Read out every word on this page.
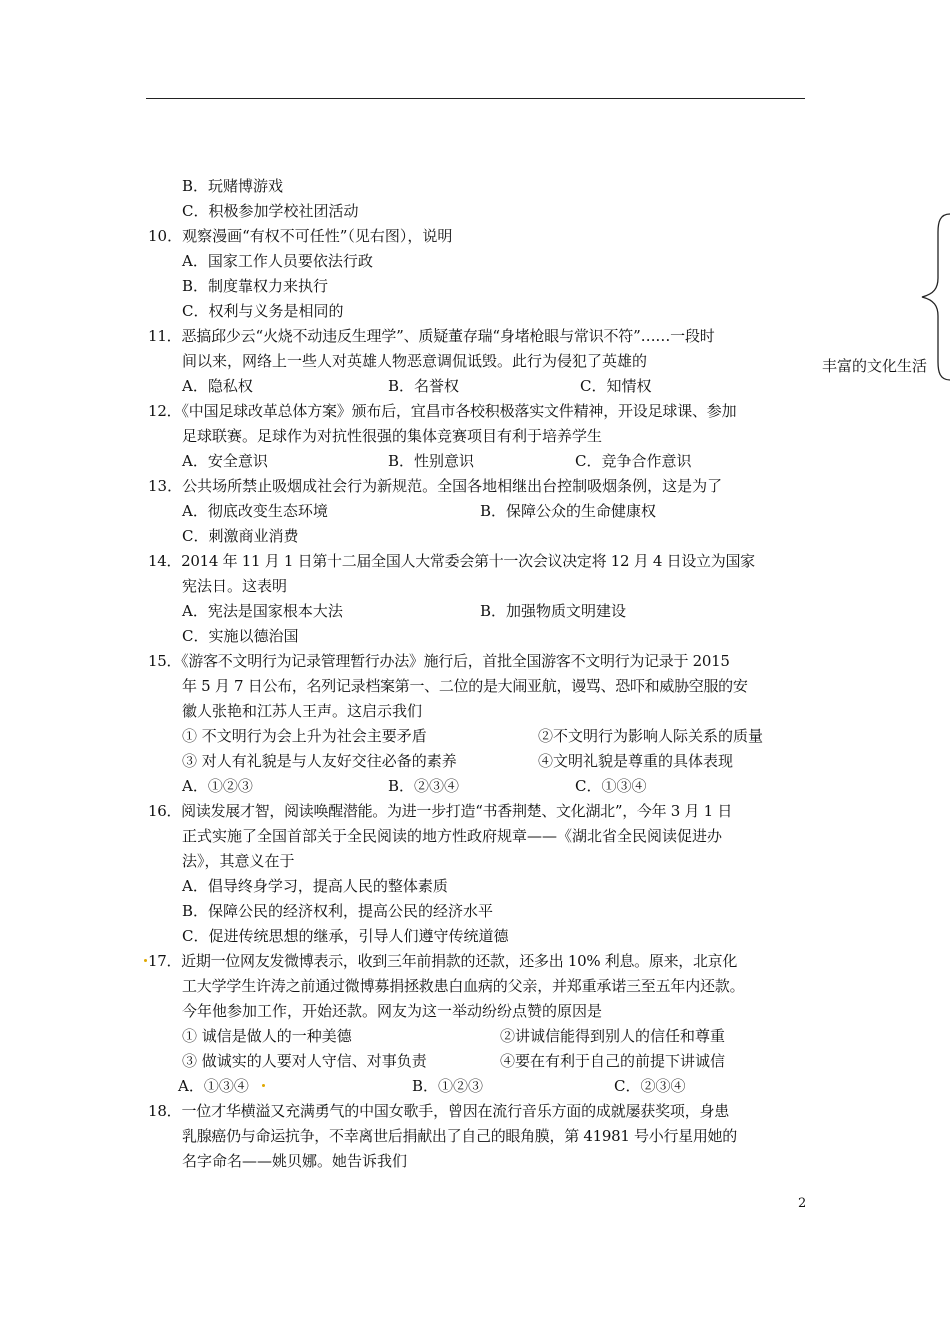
B．玩赌博游戏
C．积极参加学校社团活动
10．观察漫画“有权不可任性”（见右图），说明
A．国家工作人员要依法行政
B．制度靠权力来执行
C．权利与义务是相同的
11．恶搞邱少云“火烧不动违反生理学”、质疑董存瑞“身堵枪眼与常识不符”……一段时
间以来，网络上一些人对英雄人物恶意调侃诋毁。此行为侵犯了英雄的
A．隐私权	B．名誉权	C．知情权
12．《中国足球改革总体方案》颁布后，宜昌市各校积极落实文件精神，开设足球课、参加
足球联赛。足球作为对抗性很强的集体竞赛项目有利于培养学生
A．安全意识	B．性别意识	C．竞争合作意识
13．公共场所禁止吸烟成社会行为新规范。全国各地相继出台控制吸烟条例，这是为了
A．彻底改变生态环境	B．保障公众的生命健康权
C．刺激商业消费
14．2014 年 11 月 1 日第十二届全国人大常委会第十一次会议决定将 12 月 4 日设立为国家
宪法日。这表明
A．宪法是国家根本大法	B．加强物质文明建设
C．实施以德治国
15．《游客不文明行为记录管理暂行办法》施行后，首批全国游客不文明行为记录于 2015
年 5 月 7 日公布，名列记录档案第一、二位的是大闹亚航，谩骂、恐吓和威胁空服的安
徽人张艳和江苏人王声。这启示我们
① 不文明行为会上升为社会主要矛盾	②不文明行为影响人际关系的质量
③ 对人有礼貌是与人友好交往必备的素养	④文明礼貌是尊重的具体表现
A．①②③	B．②③④	C．①③④
16．阅读发展才智，阅读唤醒潜能。为进一步打造“书香荆楚、文化湖北”，今年 3 月 1 日
正式实施了全国首部关于全民阅读的地方性政府规章——《湖北省全民阅读促进办
法》，其意义在于
A．倡导终身学习，提高人民的整体素质
B．保障公民的经济权利，提高公民的经济水平
C．促进传统思想的继承，引导人们遵守传统道德
17．近期一位网友发微博表示，收到三年前捐款的还款，还多出 10% 利息。原来，北京化
工大学学生许涛之前通过微博募捐拯救患白血病的父亲，并郑重承诺三至五年内还款。
今年他参加工作，开始还款。网友为这一举动纷纷点赞的原因是
① 诚信是做人的一种美德	②讲诚信能得到别人的信任和尊重
③ 做诚实的人要对人守信、对事负责	④要在有利于自己的前提下讲诚信
A．①③④	B．①②③	C．②③④
18．一位才华横溢又充满勇气的中国女歌手，曾因在流行音乐方面的成就屡获奖项，身患
乳腺癌仍与命运抗争，不幸离世后捐献出了自己的眼角膜，第 41981 号小行星用她的
名字命名——姚贝娜。她告诉我们
丰富的文化生活
2
